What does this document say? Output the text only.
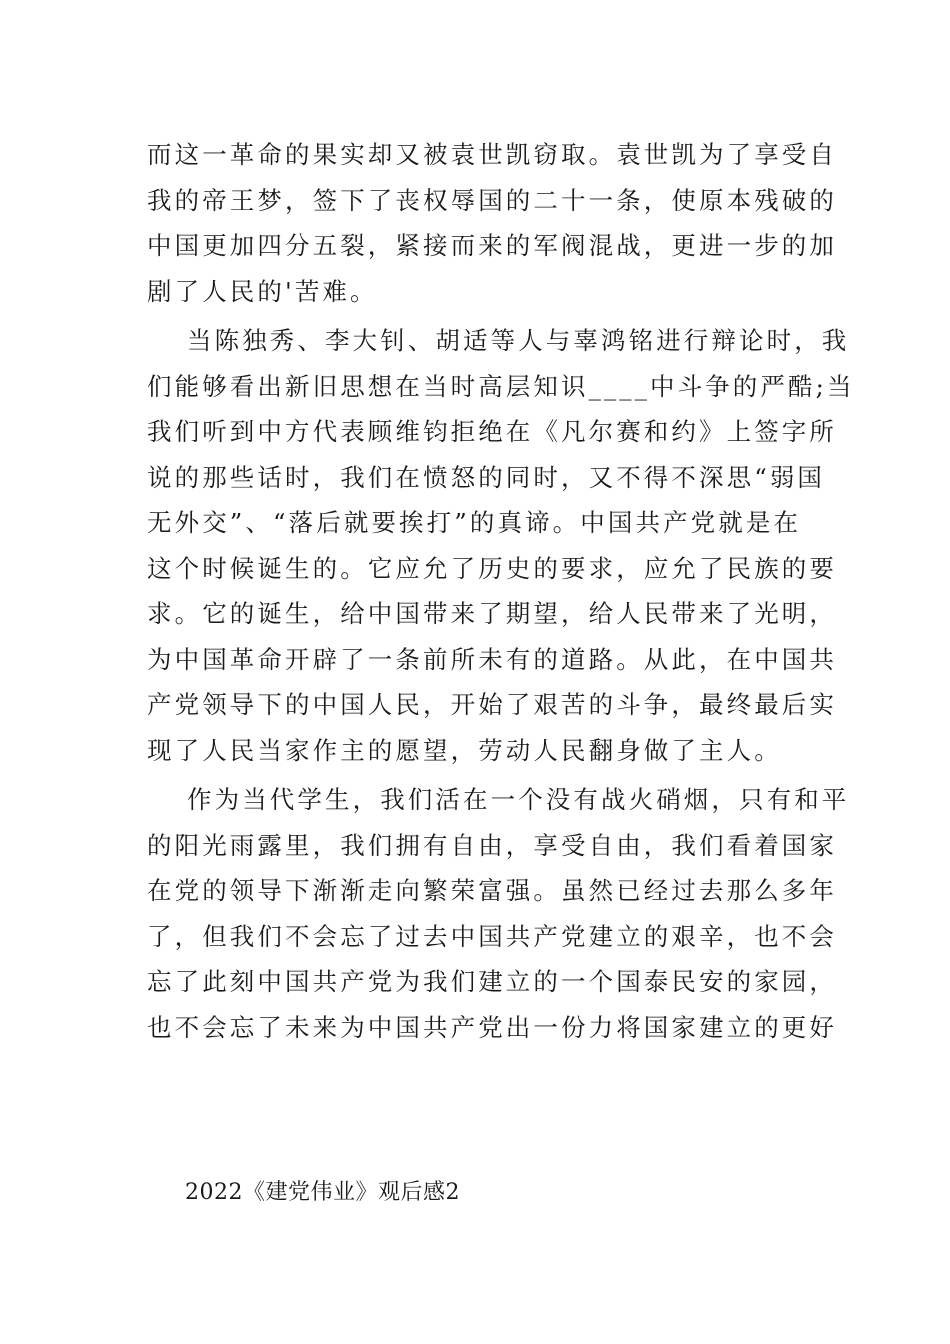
而这一革命的果实却又被袁世凯窃取。袁世凯为了享受自
我的帝王梦，签下了丧权辱国的二十一条，使原本残破的
中国更加四分五裂，紧接而来的军阀混战，更进一步的加
剧了人民的'苦难。
当陈独秀、李大钊、胡适等人与辜鸿铭进行辩论时，我
们能够看出新旧思想在当时高层知识____中斗争的严酷;当
我们听到中方代表顾维钧拒绝在《凡尔赛和约》上签字所
说的那些话时，我们在愤怒的同时，又不得不深思“弱国
无外交”、“落后就要挨打”的真谛。中国共产党就是在
这个时候诞生的。它应允了历史的要求，应允了民族的要
求。它的诞生，给中国带来了期望，给人民带来了光明，
为中国革命开辟了一条前所未有的道路。从此，在中国共
产党领导下的中国人民，开始了艰苦的斗争，最终最后实
现了人民当家作主的愿望，劳动人民翻身做了主人。
作为当代学生，我们活在一个没有战火硝烟，只有和平
的阳光雨露里，我们拥有自由，享受自由，我们看着国家
在党的领导下渐渐走向繁荣富强。虽然已经过去那么多年
了，但我们不会忘了过去中国共产党建立的艰辛，也不会
忘了此刻中国共产党为我们建立的一个国泰民安的家园，
也不会忘了未来为中国共产党出一份力将国家建立的更好
2022《建党伟业》观后感2
